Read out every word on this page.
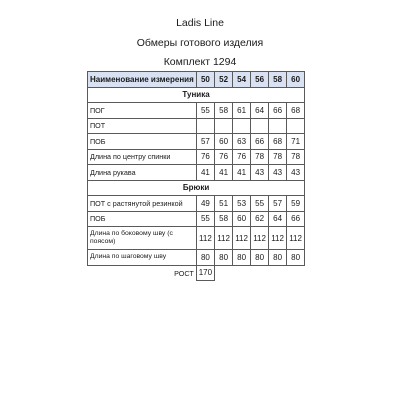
Ladis Line
Обмеры готового изделия
Комплект 1294
Наименование измерения	50	52	54	56	58	60
Туника						
ПОГ	55	58	61	64	66	68
ПОТ						
ПОБ	57	60	63	66	68	71
Длина по центру спинки	76	76	76	78	78	78
Длина рукава	41	41	41	43	43	43
Брюки						
ПОТ с растянутой резинкой	49	51	53	55	57	59
ПОБ	55	58	60	62	64	66
Длина по боковому шву (с поясом)	112	112	112	112	112	112
Длина по шаговому шву	80	80	80	80	80	80
РОСТ	170					
